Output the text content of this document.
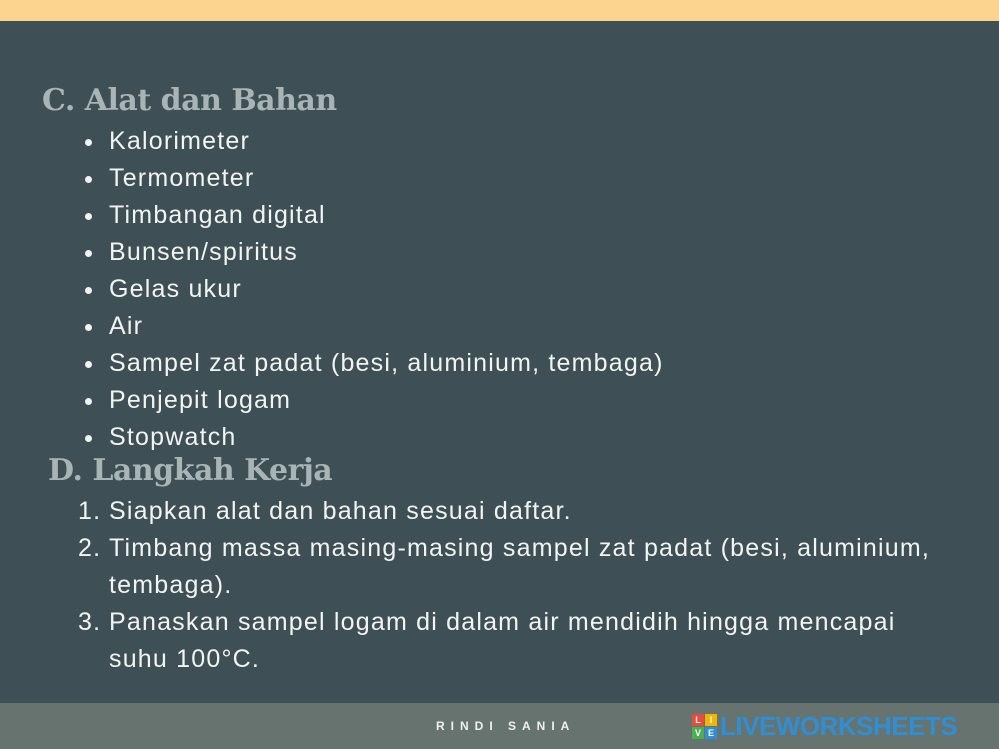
C. Alat dan Bahan
Kalorimeter
Termometer
Timbangan digital
Bunsen/spiritus
Gelas ukur
Air
Sampel zat padat (besi, aluminium, tembaga)
Penjepit logam
Stopwatch
D. Langkah Kerja
1. Siapkan alat dan bahan sesuai daftar.
2. Timbang massa masing-masing sampel zat padat (besi, aluminium, tembaga).
3. Panaskan sampel logam di dalam air mendidih hingga mencapai suhu 100°C.
RINDI SANIA	L I
V E LIVEWORKSHEETS
